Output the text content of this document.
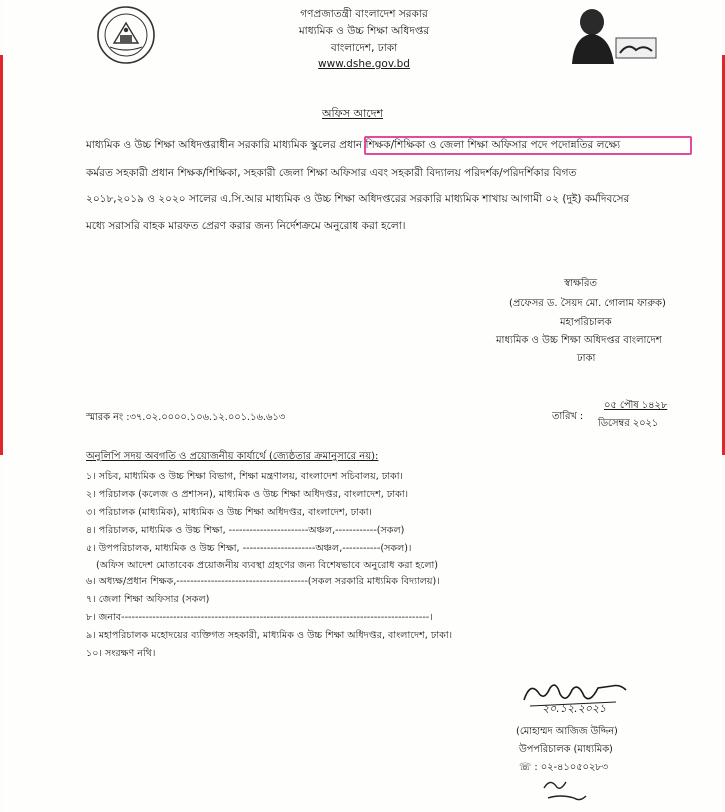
গণপ্রজাতন্ত্রী বাংলাদেশ সরকার
মাধ্যমিক ও উচ্চ শিক্ষা অধিদপ্তর
বাংলাদেশ, ঢাকা
www.dshe.gov.bd
অফিস আদেশ
মাধ্যমিক ও উচ্চ শিক্ষা অধিদপ্তরাধীন সরকারি মাধ্যমিক স্কুলের প্রধান শিক্ষক/শিক্ষিকা ও জেলা শিক্ষা অফিসার পদে পদোন্নতির লক্ষ্যে
কর্মরত সহকারী প্রধান শিক্ষক/শিক্ষিকা, সহকারী জেলা শিক্ষা অফিসার এবং সহকারী বিদ্যালয় পরিদর্শক/পরিদর্শিকার বিগত
২০১৮,২০১৯ ও ২০২০ সালের এ.সি.আর মাধ্যমিক ও উচ্চ শিক্ষা অধিদপ্তরের সরকারি মাধ্যমিক শাখায় আগামী ০২ (দুই) কর্মদিবসের
মধ্যে সরাসরি বাহক মারফত প্রেরণ করার জন্য নির্দেশক্রমে অনুরোধ করা হলো।
স্বাক্ষরিত
(প্রফেসর ড. সৈয়দ মো. গোলাম ফারুক)
মহাপরিচালক
মাধ্যমিক ও উচ্চ শিক্ষা অধিদপ্তর বাংলাদেশ
ঢাকা
স্মারক নং :৩৭.০২.০০০০.১০৬.১২.০০১.১৬.৬১৩
০৫ পৌষ ১৪২৮
তারিখ :
ডিসেম্বর ২০২১
অনুলিপি সদয় অবগতি ও প্রয়োজনীয় কার্যার্থে (জ্যেষ্ঠতার ক্রমানুসারে নয়):
১। সচিব, মাধ্যমিক ও উচ্চ শিক্ষা বিভাগ, শিক্ষা মন্ত্রণালয়, বাংলাদেশ সচিবালয়, ঢাকা।
২। পরিচালক (কলেজ ও প্রশাসন), মাধ্যমিক ও উচ্চ শিক্ষা অধিদপ্তর, বাংলাদেশ, ঢাকা।
৩। পরিচালক (মাধ্যমিক), মাধ্যমিক ও উচ্চ শিক্ষা অধিদপ্তর, বাংলাদেশ, ঢাকা।
৪। পরিচালক, মাধ্যমিক ও উচ্চ শিক্ষা, -----------------------অঞ্চল,------------(সকল)
৫। উপপরিচালক, মাধ্যমিক ও উচ্চ শিক্ষা, ---------------------অঞ্চল,-----------(সকল)।
(অফিস আদেশ মোতাবেক প্রয়োজনীয় ব্যবস্থা গ্রহণের জন্য বিশেষভাবে অনুরোধ করা হলো)
৬। অধ্যক্ষ/প্রধান শিক্ষক,--------------------------------------(সকল সরকারি মাধ্যমিক বিদ্যালয়)।
৭। জেলা শিক্ষা অফিসার (সকল)
৮। জনাব-----------------------------------------------------------------------------------------।
৯। মহাপরিচালক মহোদয়ের ব্যক্তিগত সহকারী, মাধ্যমিক ও উচ্চ শিক্ষা অধিদপ্তর, বাংলাদেশ, ঢাকা।
১০। সংরক্ষণ নথি।
২০.১২.২০২১
(মোহাম্মদ আজিজ উদ্দিন)
উপপরিচালক (মাধ্যমিক)
☏ : ০২-৪১০৫০২৮৩
